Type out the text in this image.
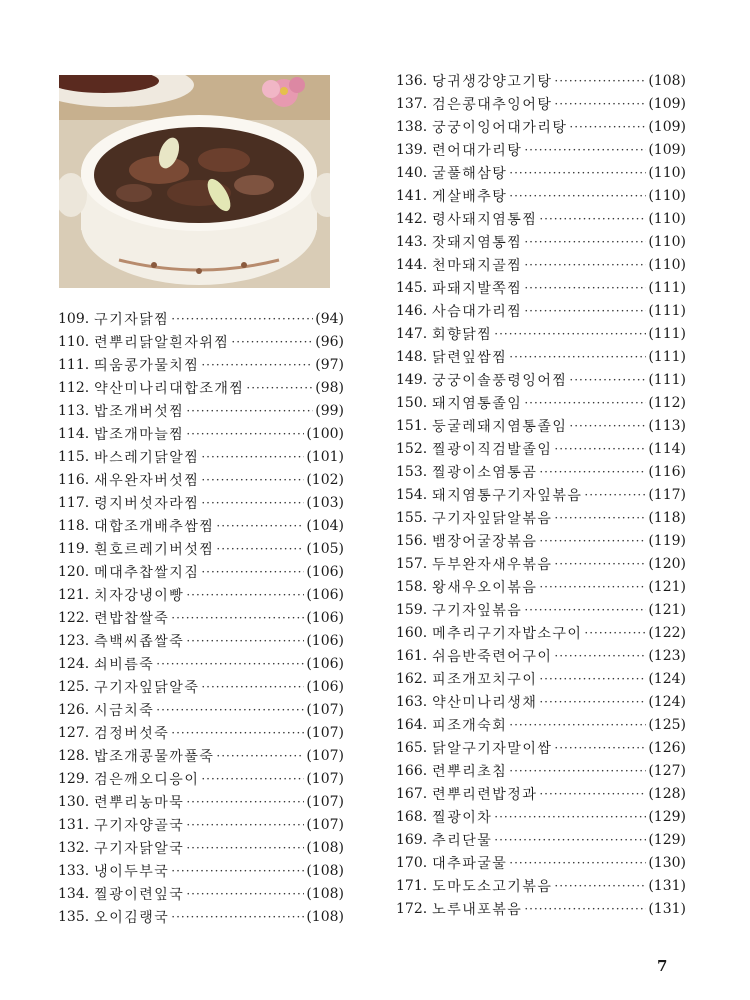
109. 구기자닭찜 ·····	(94)
110. 련뿌리닭알흰자위찜 ·····	(96)
111. 띄움콩가물치찜 ·····	(97)
112. 약산미나리대합조개찜 ·····	(98)
113. 밥조개버섯찜 ·····	(99)
114. 밥조개마늘찜 ·····	(100)
115. 바스레기닭알찜 ·····	(101)
116. 새우완자버섯찜 ·····	(102)
117. 령지버섯자라찜 ·····	(103)
118. 대합조개배추쌈찜 ·····	(104)
119. 흰호르레기버섯찜 ·····	(105)
120. 메대추찹쌀지짐 ·····	(106)
121. 치자강냉이빵 ·····	(106)
122. 련밥찹쌀죽 ·····	(106)
123. 측백씨좁쌀죽 ·····	(106)
124. 쇠비름죽 ·····	(106)
125. 구기자잎닭알죽 ·····	(106)
126. 시금치죽 ·····	(107)
127. 검정버섯죽 ·····	(107)
128. 밥조개콩물까풀죽 ·····	(107)
129. 검은깨오디응이 ·····	(107)
130. 련뿌리농마묵 ·····	(107)
131. 구기자양골국 ·····	(107)
132. 구기자닭알국 ·····	(108)
133. 냉이두부국 ·····	(108)
134. 찔광이련잎국 ·····	(108)
135. 오이김랭국 ·····	(108)
136. 당귀생강양고기탕 ·····	(108)
137. 검은콩대추잉어탕 ·····	(109)
138. 궁궁이잉어대가리탕 ·····	(109)
139. 련어대가리탕 ·····	(109)
140. 굴풀해삼탕 ·····	(110)
141. 게살배추탕 ·····	(110)
142. 령사돼지염통찜 ·····	(110)
143. 잣돼지염통찜 ·····	(110)
144. 천마돼지골찜 ·····	(110)
145. 파돼지발쪽찜 ·····	(111)
146. 사슴대가리찜 ·····	(111)
147. 회향닭찜 ·····	(111)
148. 닭련잎쌈찜 ·····	(111)
149. 궁궁이솔풍령잉어찜 ·····	(111)
150. 돼지염통졸임 ·····	(112)
151. 둥굴레돼지염통졸임 ·····	(113)
152. 찔광이직검발졸임 ·····	(114)
153. 찔광이소염통곰 ·····	(116)
154. 돼지염통구기자잎볶음 ·····	(117)
155. 구기자잎닭알볶음 ·····	(118)
156. 뱀장어굴장볶음 ·····	(119)
157. 두부완자새우볶음 ·····	(120)
158. 왕새우오이볶음 ·····	(121)
159. 구기자잎볶음 ·····	(121)
160. 메추리구기자밥소구이 ·····	(122)
161. 쉬음반죽련어구이 ·····	(123)
162. 피조개꼬치구이 ·····	(124)
163. 약산미나리생채 ·····	(124)
164. 피조개숙회 ·····	(125)
165. 닭알구기자말이쌈 ·····	(126)
166. 련뿌리초침 ·····	(127)
167. 련뿌리련밥정과 ·····	(128)
168. 찔광이차 ·····	(129)
169. 추리단물 ·····	(129)
170. 대추파굴물 ·····	(130)
171. 도마도소고기볶음 ·····	(131)
172. 노루내포볶음 ·····	(131)
7
